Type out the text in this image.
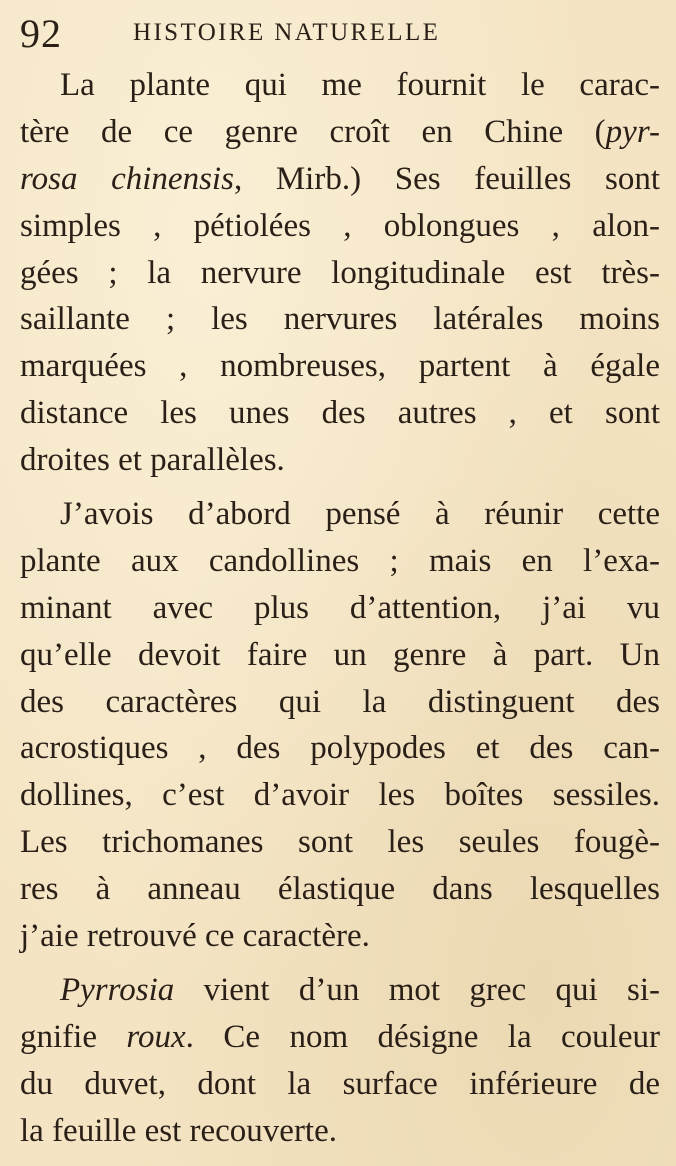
92	HISTOIRE NATURELLE
La plante qui me fournit le carac-
tère de ce genre croît en Chine (pyr-
rosa chinensis, Mirb.) Ses feuilles sont
simples , pétiolées , oblongues , alon-
gées ; la nervure longitudinale est très-
saillante ; les nervures latérales moins
marquées , nombreuses, partent à égale
distance les unes des autres , et sont
droites et parallèles.
J’avois d’abord pensé à réunir cette
plante aux candollines ; mais en l’exa-
minant avec plus d’attention, j’ai vu
qu’elle devoit faire un genre à part. Un
des caractères qui la distinguent des
acrostiques , des polypodes et des can-
dollines, c’est d’avoir les boîtes sessiles.
Les trichomanes sont les seules fougè-
res à anneau élastique dans lesquelles
j’aie retrouvé ce caractère.
Pyrrosia vient d’un mot grec qui si-
gnifie roux. Ce nom désigne la couleur
du duvet, dont la surface inférieure de
la feuille est recouverte.
